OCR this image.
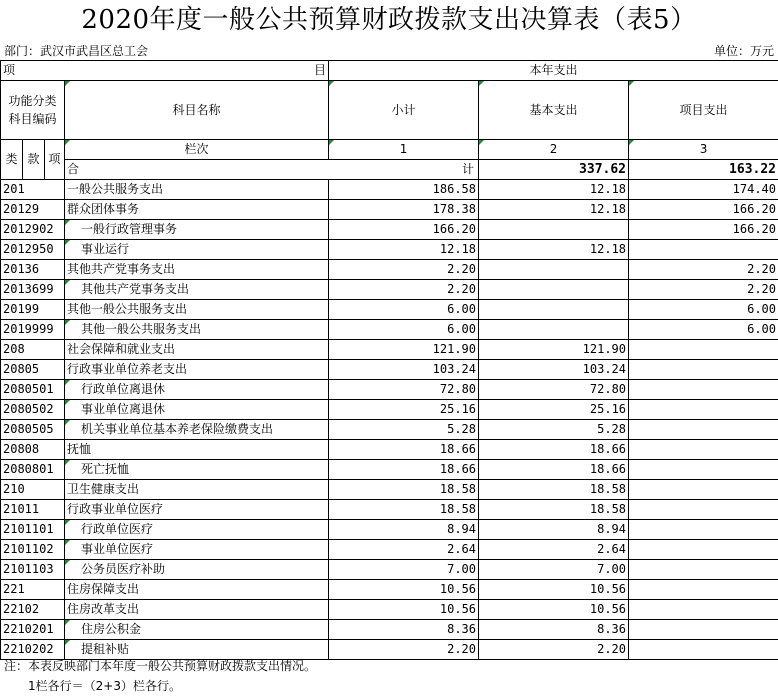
2020年度一般公共预算财政拨款支出决算表（表5）
部门：武汉市武昌区总工会	单位：万元
项			目	本年支出			

功能分类
科目编码			科目名称	小计	基本支出	项目支出	
类	款	项	栏次	1	2	3	
			合	计	337.62	163.22	
201			一般公共服务支出	186.58	12.18	174.40	
20129			群众团体事务	178.38	12.18	166.20	
2012902			一般行政管理事务	166.20		166.20	
2012950			事业运行	12.18	12.18		
20136			其他共产党事务支出	2.20		2.20	
2013699			其他共产党事务支出	2.20		2.20	
20199			其他一般公共服务支出	6.00		6.00	
2019999			其他一般公共服务支出	6.00		6.00	
208			社会保障和就业支出	121.90	121.90		
20805			行政事业单位养老支出	103.24	103.24		
2080501			行政单位离退休	72.80	72.80		
2080502			事业单位离退休	25.16	25.16		
2080505			机关事业单位基本养老保险缴费支出	5.28	5.28		
20808			抚恤	18.66	18.66		
2080801			死亡抚恤	18.66	18.66		
210			卫生健康支出	18.58	18.58		
21011			行政事业单位医疗	18.58	18.58		
2101101			行政单位医疗	8.94	8.94		
2101102			事业单位医疗	2.64	2.64		
2101103			公务员医疗补助	7.00	7.00		
221			住房保障支出	10.56	10.56		
22102			住房改革支出	10.56	10.56		
2210201			住房公积金	8.36	8.36		
2210202			提租补贴	2.20	2.20		
注：本表反映部门本年度一般公共预算财政拨款支出情况。
1栏各行＝（2+3）栏各行。
